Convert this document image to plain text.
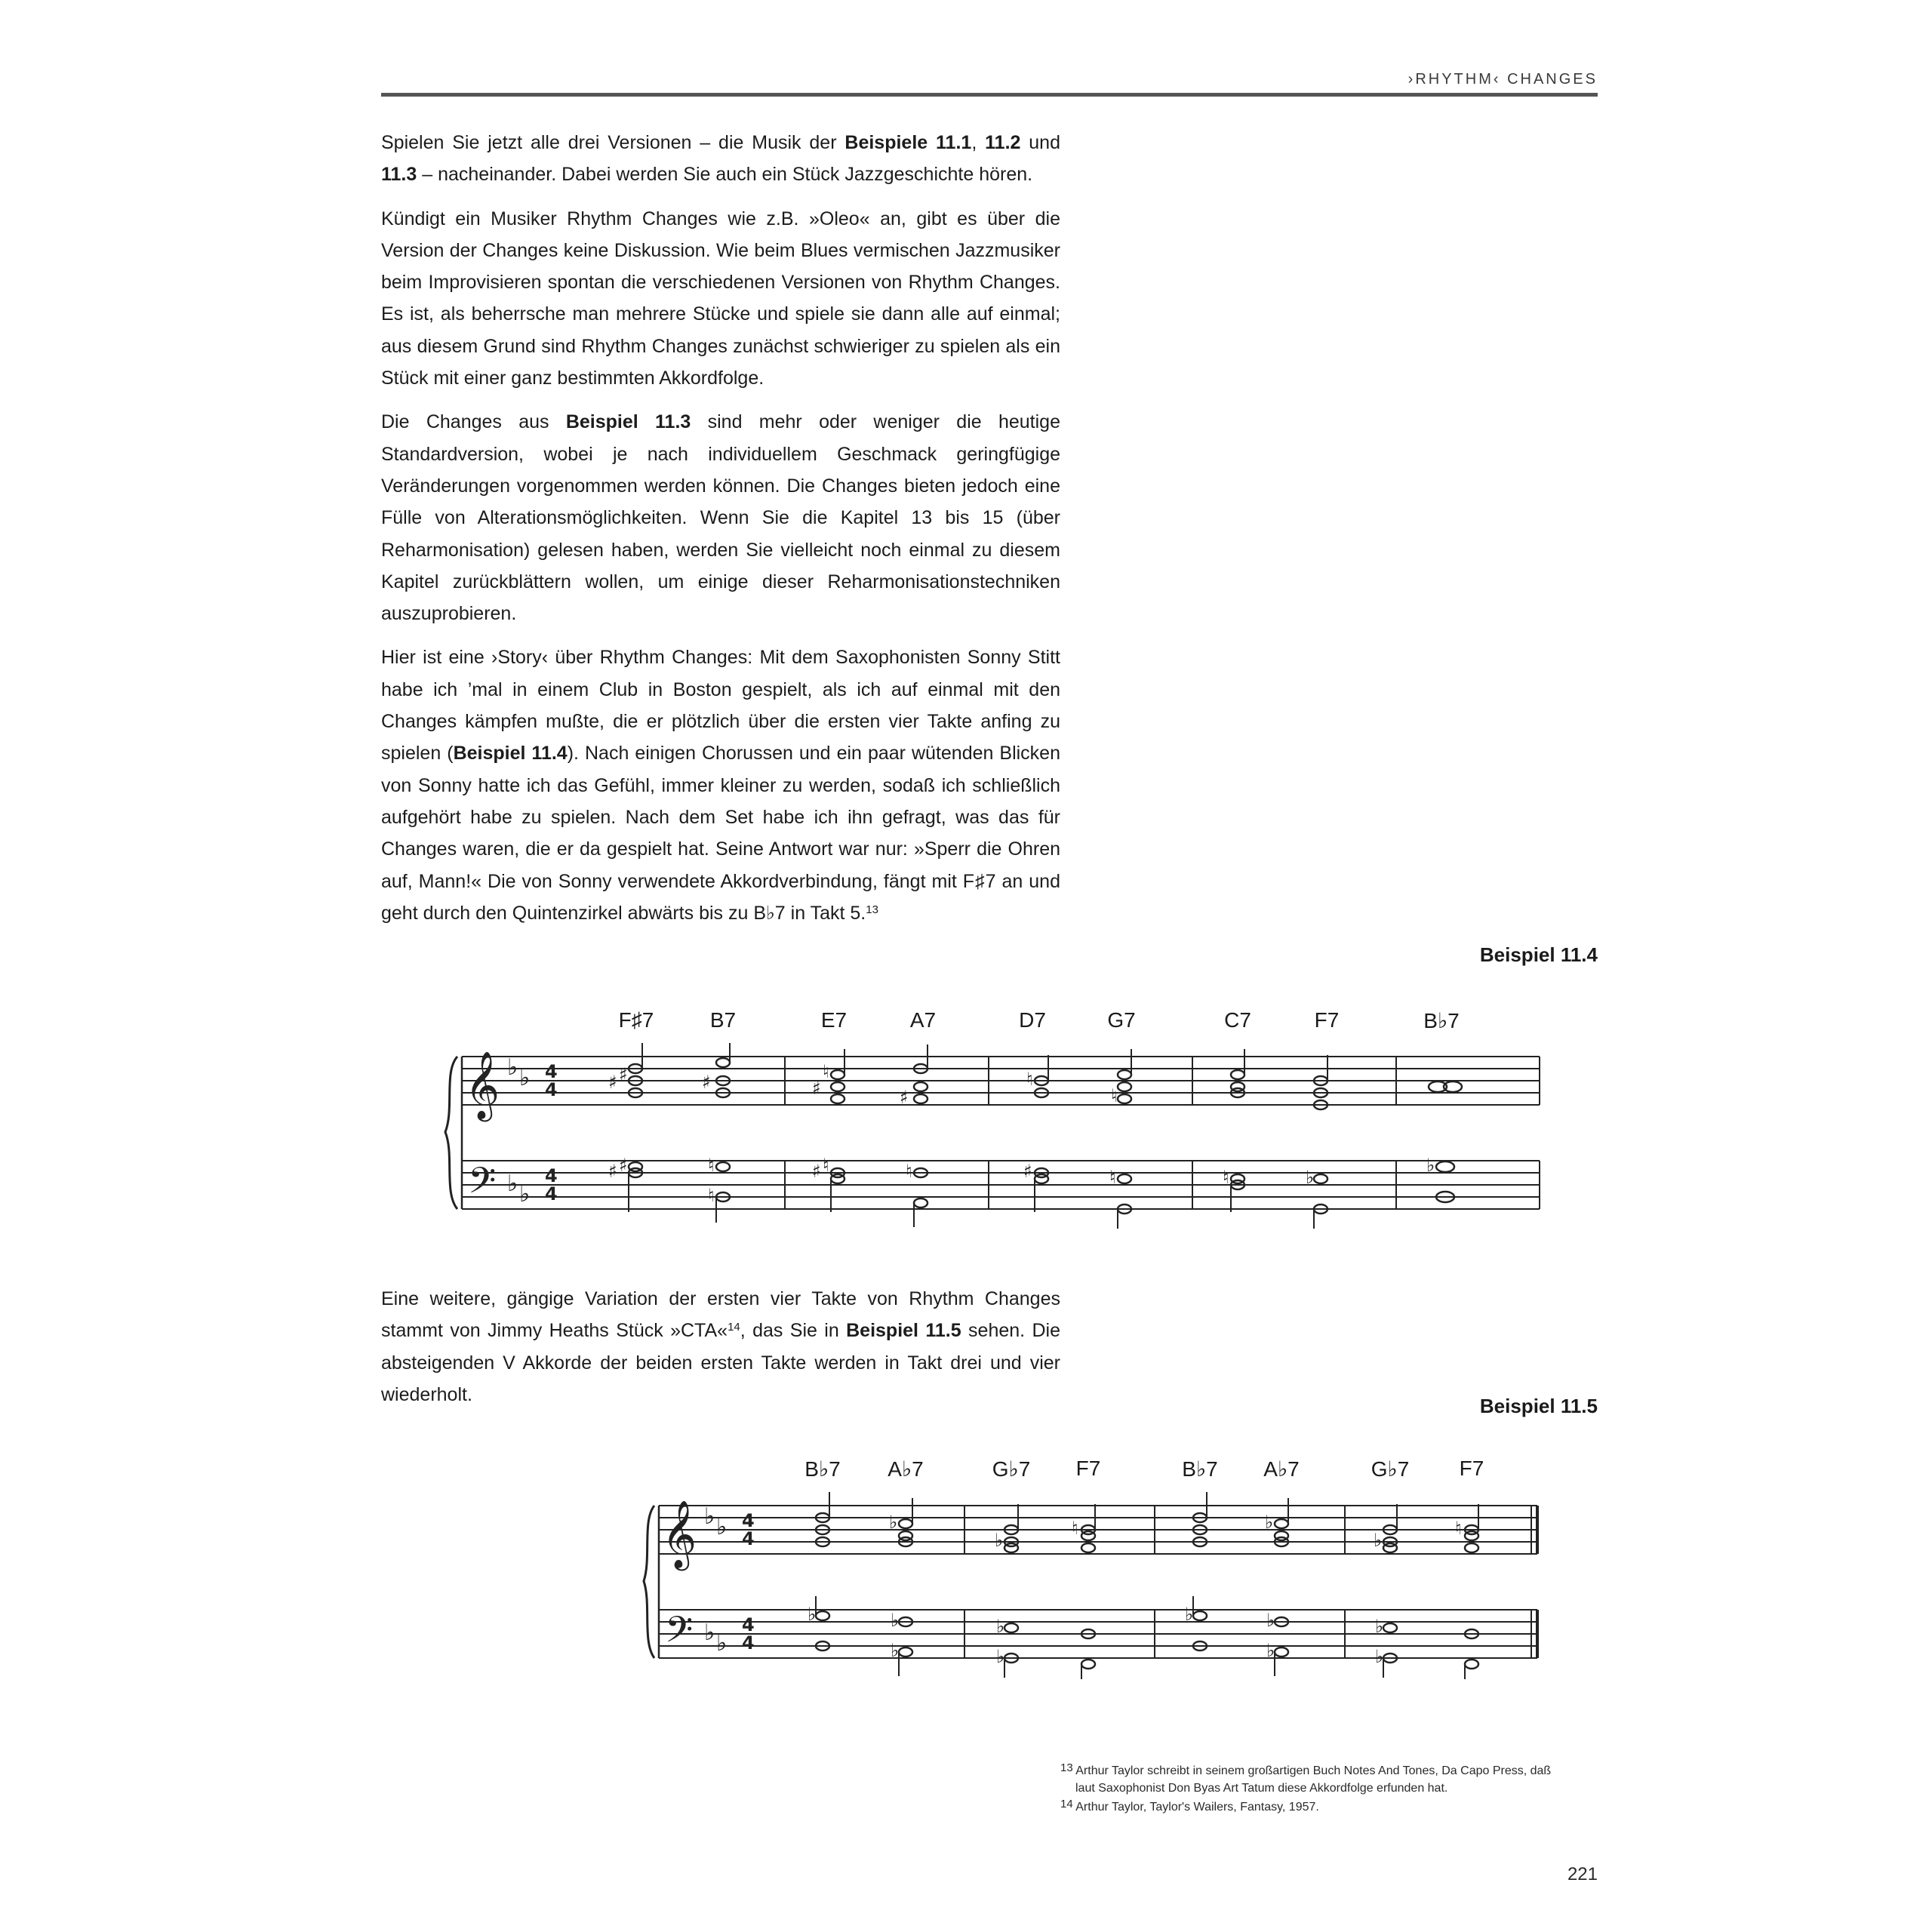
›RHYTHM‹ CHANGES

Spielen Sie jetzt alle drei Versionen – die Musik der Beispiele 11.1, 11.2 und 11.3 – nacheinander. Dabei werden Sie auch ein Stück Jazzgeschichte hören.

Kündigt ein Musiker Rhythm Changes wie z.B. »Oleo« an, gibt es über die Version der Changes keine Diskussion. Wie beim Blues vermischen Jazzmusiker beim Improvisieren spontan die verschiedenen Versionen von Rhythm Changes. Es ist, als beherrsche man mehrere Stücke und spiele sie dann alle auf einmal; aus diesem Grund sind Rhythm Changes zunächst schwieriger zu spielen als ein Stück mit einer ganz bestimmten Akkordfolge.

Die Changes aus Beispiel 11.3 sind mehr oder weniger die heutige Standardversion, wobei je nach individuellem Geschmack geringfügige Veränderungen vorgenommen werden können. Die Changes bieten jedoch eine Fülle von Alterationsmöglichkeiten. Wenn Sie die Kapitel 13 bis 15 (über Reharmonisation) gelesen haben, werden Sie vielleicht noch einmal zu diesem Kapitel zurückblättern wollen, um einige dieser Reharmonisationstechniken auszuprobieren.

Hier ist eine ›Story‹ über Rhythm Changes: Mit dem Saxophonisten Sonny Stitt habe ich ’mal in einem Club in Boston gespielt, als ich auf einmal mit den Changes kämpfen mußte, die er plötzlich über die ersten vier Takte anfing zu spielen (Beispiel 11.4). Nach einigen Chorussen und ein paar wütenden Blicken von Sonny hatte ich das Gefühl, immer kleiner zu werden, sodaß ich schließlich aufgehört habe zu spielen. Nach dem Set habe ich ihn gefragt, was das für Changes waren, die er da gespielt hat. Seine Antwort war nur: »Sperr die Ohren auf, Mann!« Die von Sonny verwendete Akkordverbindung, fängt mit F♯7 an und geht durch den Quintenzirkel abwärts bis zu B♭7 in Takt 5.13

Beispiel 11.4
F♯7	B7	E7	A7	D7	G7	C7	F7	B♭7
𝄞
𝄢
♭ ♭
♭ ♭
4
4
4
4
♯ ♯	♯	♯
♮
♯
♮
♮
♯ ♯	♮
♮
♯ ♮	♮	♯	♮	♮	♭
♭

Eine weitere, gängige Variation der ersten vier Takte von Rhythm Changes stammt von Jimmy Heaths Stück »CTA«$^{14}$, das Sie in Beispiel 11.5 sehen. Die absteigenden V Akkorde der beiden ersten Takte werden in Takt drei und vier wiederholt.

Beispiel 11.5
B♭7 A♭7	G♭7 F7	B♭7 A♭7	G♭7 F7
𝄞
𝄢
♭ ♭
♭ ♭
4
4
4
4
♭
♭
♮	♭
♭
♮
♭	♭
♭
♭
♭
♭	♭
♭
♭
♭
$^{13}$ Arthur Taylor schreibt in seinem großartigen Buch Notes And Tones, Da Capo Press, daß laut Saxophonist Don Byas Art Tatum diese Akkordfolge erfunden hat.
$^{14}$ Arthur Taylor, Taylor's Wailers, Fantasy, 1957.
221
